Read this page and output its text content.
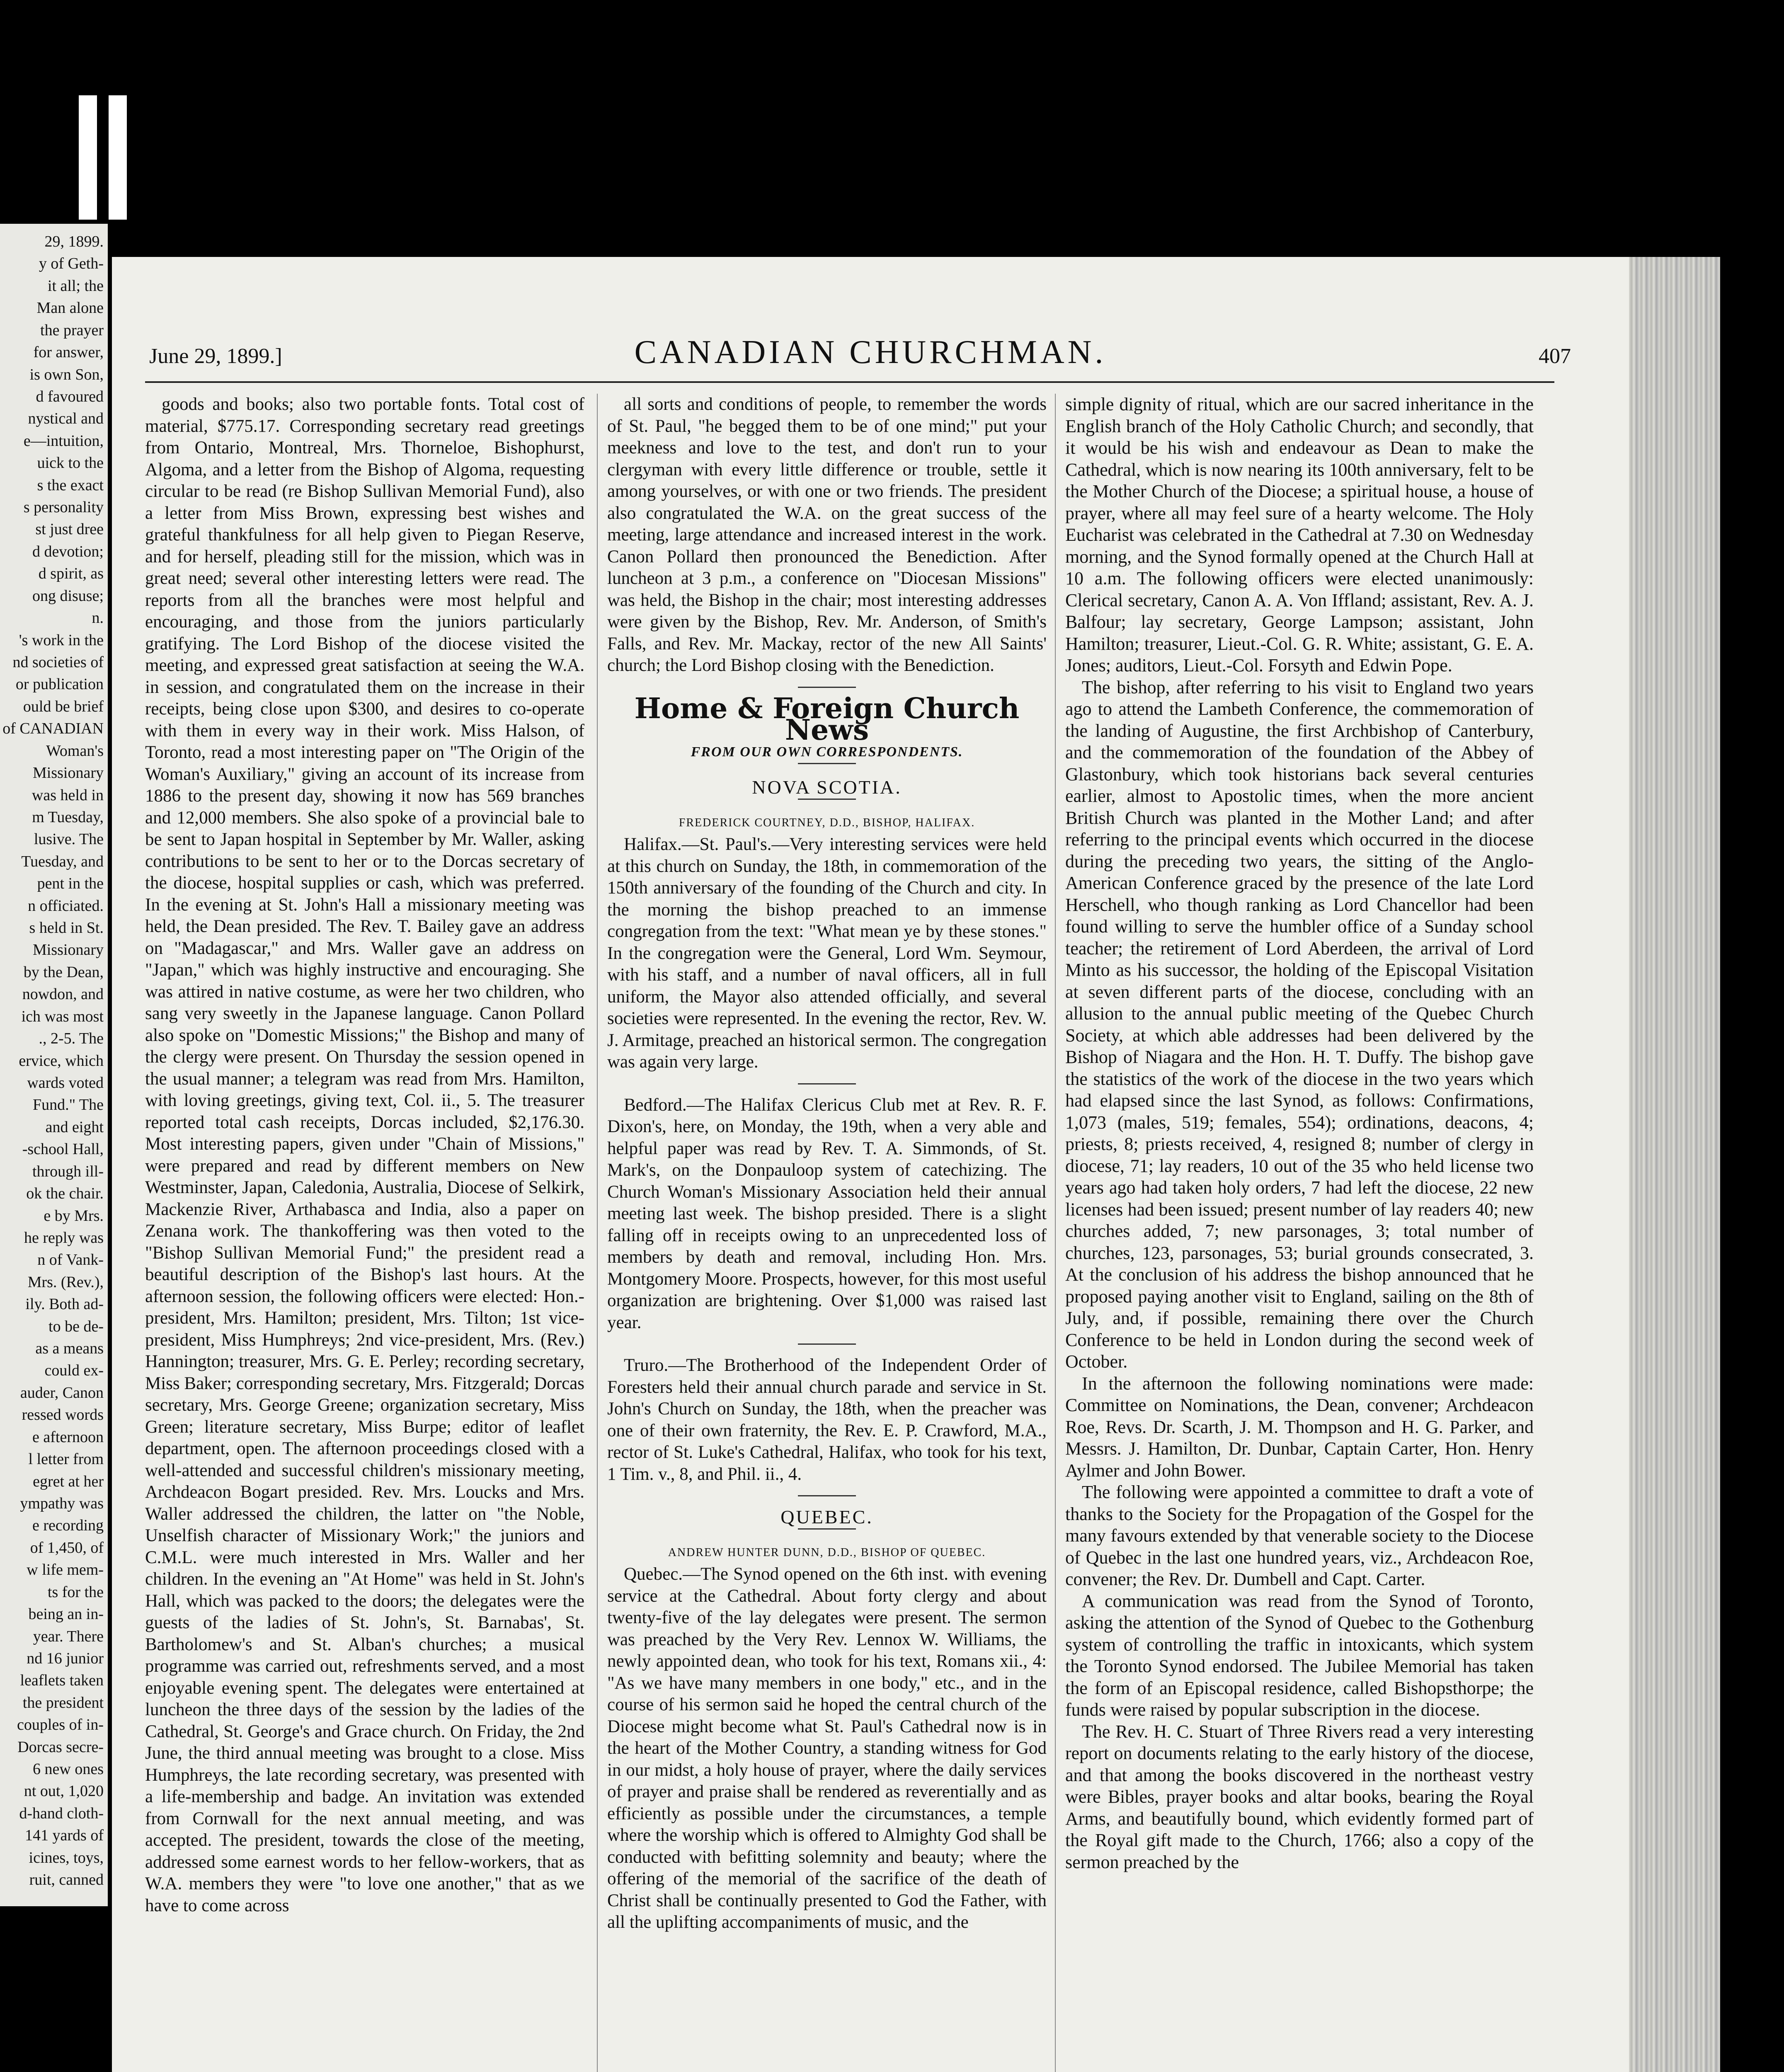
29, 1899.
y of Geth-
it all; the
Man alone
the prayer
for answer,
is own Son,
d favoured
nystical and
e—intuition,
uick to the
s the exact
s personality
st just dree
d devotion;
d spirit, as
ong disuse;
n.
's work in the
nd societies of
or publication
ould be brief
of CANADIAN
Woman's
Missionary
was held in
m Tuesday,
lusive. The
Tuesday, and
pent in the
n officiated.
s held in St.
Missionary
by the Dean,
nowdon, and
ich was most
., 2-5. The
ervice, which
wards voted
Fund." The
and eight
-school Hall,
through ill-
ok the chair.
e by Mrs.
he reply was
n of Vank-
Mrs. (Rev.),
ily. Both ad-
to be de-
as a means
could ex-
auder, Canon
ressed words
e afternoon
l letter from
egret at her
ympathy was
e recording
of 1,450, of
w life mem-
ts for the
being an in-
year. There
nd 16 junior
leaflets taken
the president
couples of in-
Dorcas secre-
6 new ones
nt out, 1,020
d-hand cloth-
141 yards of
icines, toys,
ruit, canned
June 29, 1899.]	CANADIAN CHURCHMAN.	407

goods and books; also two portable fonts. Total cost of material, $775.17. Corresponding secretary read greetings from Ontario, Montreal, Mrs. Thorneloe, Bishophurst, Algoma, and a letter from the Bishop of Algoma, requesting circular to be read (re Bishop Sullivan Memorial Fund), also a letter from Miss Brown, expressing best wishes and grateful thankfulness for all help given to Piegan Reserve, and for herself, pleading still for the mission, which was in great need; several other interesting letters were read. The reports from all the branches were most helpful and encouraging, and those from the juniors particularly gratifying. The Lord Bishop of the diocese visited the meeting, and expressed great satisfaction at seeing the W.A. in session, and congratulated them on the increase in their receipts, being close upon $300, and desires to co-operate with them in every way in their work. Miss Halson, of Toronto, read a most interesting paper on "The Origin of the Woman's Auxiliary," giving an account of its increase from 1886 to the present day, showing it now has 569 branches and 12,000 members. She also spoke of a provincial bale to be sent to Japan hospital in September by Mr. Waller, asking contributions to be sent to her or to the Dorcas secretary of the diocese, hospital supplies or cash, which was preferred. In the evening at St. John's Hall a missionary meeting was held, the Dean presided. The Rev. T. Bailey gave an address on "Madagascar," and Mrs. Waller gave an address on "Japan," which was highly instructive and encouraging. She was attired in native costume, as were her two children, who sang very sweetly in the Japanese language. Canon Pollard also spoke on "Domestic Missions;" the Bishop and many of the clergy were present. On Thursday the session opened in the usual manner; a telegram was read from Mrs. Hamilton, with loving greetings, giving text, Col. ii., 5. The treasurer reported total cash receipts, Dorcas included, $2,176.30. Most interesting papers, given under "Chain of Missions," were prepared and read by different members on New Westminster, Japan, Caledonia, Australia, Diocese of Selkirk, Mackenzie River, Arthabasca and India, also a paper on Zenana work. The thankoffering was then voted to the "Bishop Sullivan Memorial Fund;" the president read a beautiful description of the Bishop's last hours. At the afternoon session, the following officers were elected: Hon.-president, Mrs. Hamilton; president, Mrs. Tilton; 1st vice-president, Miss Humphreys; 2nd vice-president, Mrs. (Rev.) Hannington; treasurer, Mrs. G. E. Perley; recording secretary, Miss Baker; corresponding secretary, Mrs. Fitzgerald; Dorcas secretary, Mrs. George Greene; organization secretary, Miss Green; literature secretary, Miss Burpe; editor of leaflet department, open. The afternoon proceedings closed with a well-attended and successful children's missionary meeting, Archdeacon Bogart presided. Rev. Mrs. Loucks and Mrs. Waller addressed the children, the latter on "the Noble, Unselfish character of Missionary Work;" the juniors and C.M.L. were much interested in Mrs. Waller and her children. In the evening an "At Home" was held in St. John's Hall, which was packed to the doors; the delegates were the guests of the ladies of St. John's, St. Barnabas', St. Bartholomew's and St. Alban's churches; a musical programme was carried out, refreshments served, and a most enjoyable evening spent. The delegates were entertained at luncheon the three days of the session by the ladies of the Cathedral, St. George's and Grace church. On Friday, the 2nd June, the third annual meeting was brought to a close. Miss Humphreys, the late recording secretary, was presented with a life-membership and badge. An invitation was extended from Cornwall for the next annual meeting, and was accepted. The president, towards the close of the meeting, addressed some earnest words to her fellow-workers, that as W.A. members they were "to love one another," that as we have to come across

all sorts and conditions of people, to remember the words of St. Paul, "he begged them to be of one mind;" put your meekness and love to the test, and don't run to your clergyman with every little difference or trouble, settle it among yourselves, or with one or two friends. The president also congratulated the W.A. on the great success of the meeting, large attendance and increased interest in the work. Canon Pollard then pronounced the Benediction. After luncheon at 3 p.m., a conference on "Diocesan Missions" was held, the Bishop in the chair; most interesting addresses were given by the Bishop, Rev. Mr. Anderson, of Smith's Falls, and Rev. Mr. Mackay, rector of the new All Saints' church; the Lord Bishop closing with the Benediction.

Home & Foreign Church News

FROM OUR OWN CORRESPONDENTS.

NOVA SCOTIA.

FREDERICK COURTNEY, D.D., BISHOP, HALIFAX.

Halifax.—St. Paul's.—Very interesting services were held at this church on Sunday, the 18th, in commemoration of the 150th anniversary of the founding of the Church and city. In the morning the bishop preached to an immense congregation from the text: "What mean ye by these stones." In the congregation were the General, Lord Wm. Seymour, with his staff, and a number of naval officers, all in full uniform, the Mayor also attended officially, and several societies were represented. In the evening the rector, Rev. W. J. Armitage, preached an historical sermon. The congregation was again very large.

Bedford.—The Halifax Clericus Club met at Rev. R. F. Dixon's, here, on Monday, the 19th, when a very able and helpful paper was read by Rev. T. A. Simmonds, of St. Mark's, on the Donpauloop system of catechizing. The Church Woman's Missionary Association held their annual meeting last week. The bishop presided. There is a slight falling off in receipts owing to an unprecedented loss of members by death and removal, including Hon. Mrs. Montgomery Moore. Prospects, however, for this most useful organization are brightening. Over $1,000 was raised last year.

Truro.—The Brotherhood of the Independent Order of Foresters held their annual church parade and service in St. John's Church on Sunday, the 18th, when the preacher was one of their own fraternity, the Rev. E. P. Crawford, M.A., rector of St. Luke's Cathedral, Halifax, who took for his text, 1 Tim. v., 8, and Phil. ii., 4.

QUEBEC.

ANDREW HUNTER DUNN, D.D., BISHOP OF QUEBEC.

Quebec.—The Synod opened on the 6th inst. with evening service at the Cathedral. About forty clergy and about twenty-five of the lay delegates were present. The sermon was preached by the Very Rev. Lennox W. Williams, the newly appointed dean, who took for his text, Romans xii., 4: "As we have many members in one body," etc., and in the course of his sermon said he hoped the central church of the Diocese might become what St. Paul's Cathedral now is in the heart of the Mother Country, a standing witness for God in our midst, a holy house of prayer, where the daily services of prayer and praise shall be rendered as reverentially and as efficiently as possible under the circumstances, a temple where the worship which is offered to Almighty God shall be conducted with befitting solemnity and beauty; where the offering of the memorial of the sacrifice of the death of Christ shall be continually presented to God the Father, with all the uplifting accompaniments of music, and the

simple dignity of ritual, which are our sacred inheritance in the English branch of the Holy Catholic Church; and secondly, that it would be his wish and endeavour as Dean to make the Cathedral, which is now nearing its 100th anniversary, felt to be the Mother Church of the Diocese; a spiritual house, a house of prayer, where all may feel sure of a hearty welcome. The Holy Eucharist was celebrated in the Cathedral at 7.30 on Wednesday morning, and the Synod formally opened at the Church Hall at 10 a.m. The following officers were elected unanimously: Clerical secretary, Canon A. A. Von Iffland; assistant, Rev. A. J. Balfour; lay secretary, George Lampson; assistant, John Hamilton; treasurer, Lieut.-Col. G. R. White; assistant, G. E. A. Jones; auditors, Lieut.-Col. Forsyth and Edwin Pope.

The bishop, after referring to his visit to England two years ago to attend the Lambeth Conference, the commemoration of the landing of Augustine, the first Archbishop of Canterbury, and the commemoration of the foundation of the Abbey of Glastonbury, which took historians back several centuries earlier, almost to Apostolic times, when the more ancient British Church was planted in the Mother Land; and after referring to the principal events which occurred in the diocese during the preceding two years, the sitting of the Anglo-American Conference graced by the presence of the late Lord Herschell, who though ranking as Lord Chancellor had been found willing to serve the humbler office of a Sunday school teacher; the retirement of Lord Aberdeen, the arrival of Lord Minto as his successor, the holding of the Episcopal Visitation at seven different parts of the diocese, concluding with an allusion to the annual public meeting of the Quebec Church Society, at which able addresses had been delivered by the Bishop of Niagara and the Hon. H. T. Duffy. The bishop gave the statistics of the work of the diocese in the two years which had elapsed since the last Synod, as follows: Confirmations, 1,073 (males, 519; females, 554); ordinations, deacons, 4; priests, 8; priests received, 4, resigned 8; number of clergy in diocese, 71; lay readers, 10 out of the 35 who held license two years ago had taken holy orders, 7 had left the diocese, 22 new licenses had been issued; present number of lay readers 40; new churches added, 7; new parsonages, 3; total number of churches, 123, parsonages, 53; burial grounds consecrated, 3. At the conclusion of his address the bishop announced that he proposed paying another visit to England, sailing on the 8th of July, and, if possible, remaining there over the Church Conference to be held in London during the second week of October.

In the afternoon the following nominations were made: Committee on Nominations, the Dean, convener; Archdeacon Roe, Revs. Dr. Scarth, J. M. Thompson and H. G. Parker, and Messrs. J. Hamilton, Dr. Dunbar, Captain Carter, Hon. Henry Aylmer and John Bower.

The following were appointed a committee to draft a vote of thanks to the Society for the Propagation of the Gospel for the many favours extended by that venerable society to the Diocese of Quebec in the last one hundred years, viz., Archdeacon Roe, convener; the Rev. Dr. Dumbell and Capt. Carter.

A communication was read from the Synod of Toronto, asking the attention of the Synod of Quebec to the Gothenburg system of controlling the traffic in intoxicants, which system the Toronto Synod endorsed. The Jubilee Memorial has taken the form of an Episcopal residence, called Bishopsthorpe; the funds were raised by popular subscription in the diocese.

The Rev. H. C. Stuart of Three Rivers read a very interesting report on documents relating to the early history of the diocese, and that among the books discovered in the northeast vestry were Bibles, prayer books and altar books, bearing the Royal Arms, and beautifully bound, which evidently formed part of the Royal gift made to the Church, 1766; also a copy of the sermon preached by the
